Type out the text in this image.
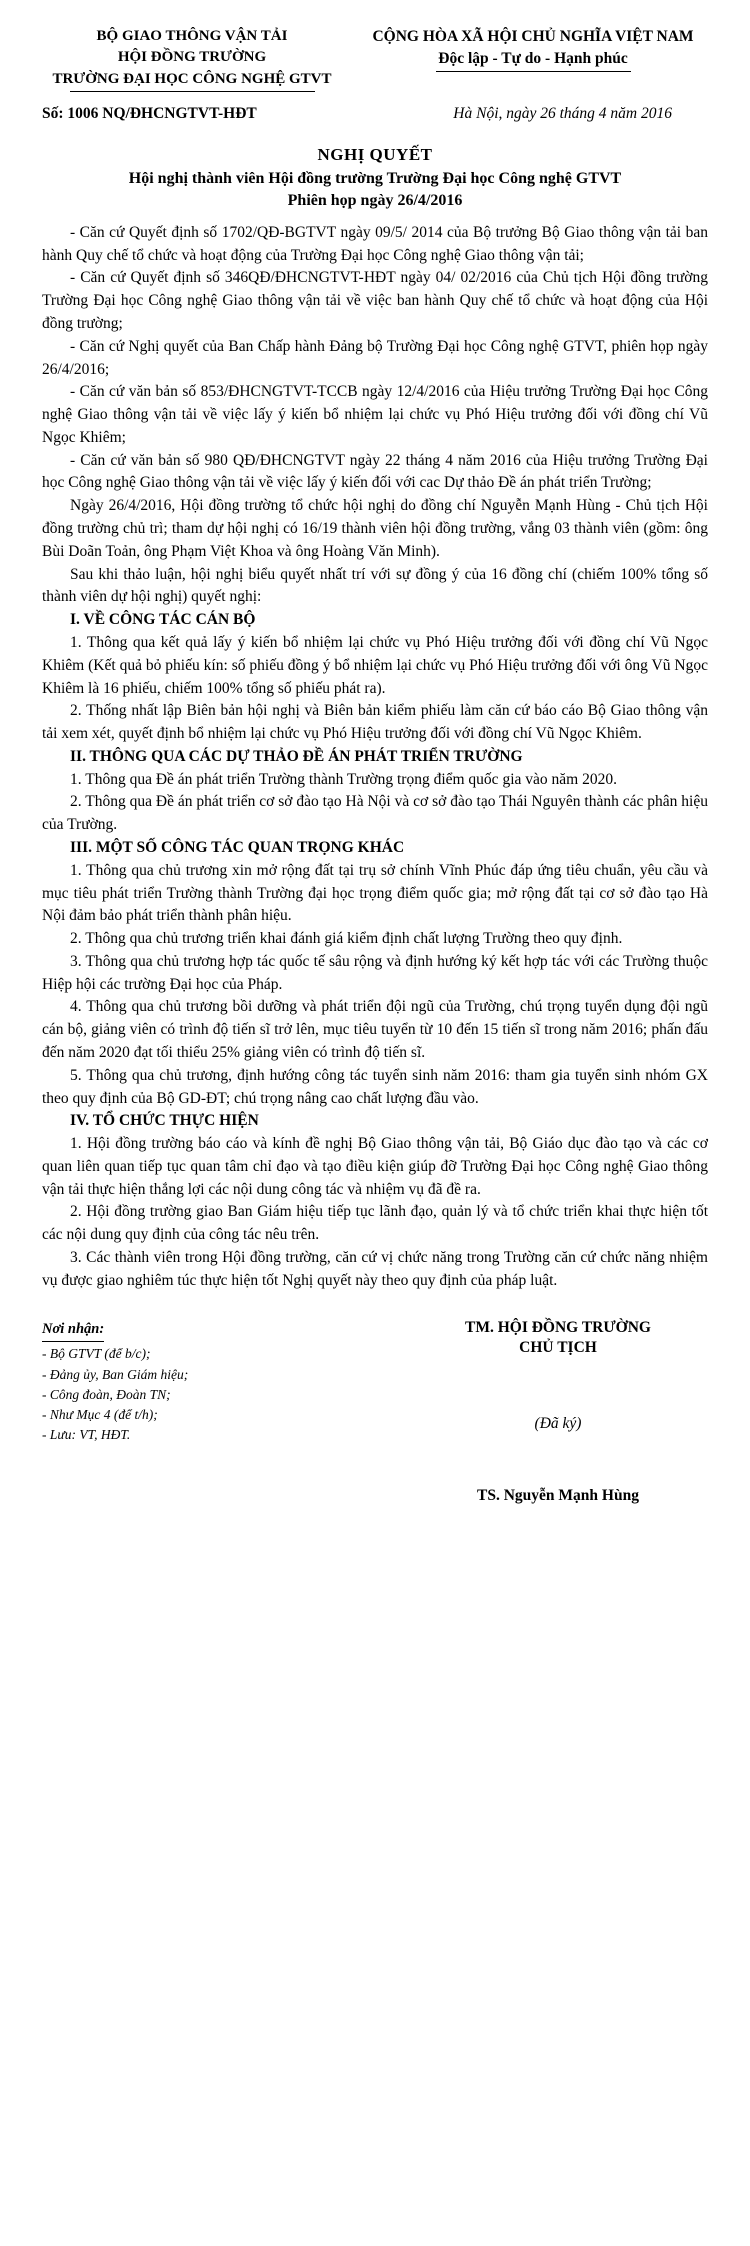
BỘ GIAO THÔNG VẬN TẢI
HỘI ĐỒNG TRƯỜNG
TRƯỜNG ĐẠI HỌC CÔNG NGHỆ GTVT
CỘNG HÒA XÃ HỘI CHỦ NGHĨA VIỆT NAM
Độc lập - Tự do - Hạnh phúc
Số: 1006 NQ/ĐHCNGTVT-HĐT	Hà Nội, ngày 26 tháng 4 năm 2016
NGHỊ QUYẾT
Hội nghị thành viên Hội đồng trường Trường Đại học Công nghệ GTVT
Phiên họp ngày 26/4/2016

- Căn cứ Quyết định số 1702/QĐ-BGTVT ngày 09/5/ 2014 của Bộ trưởng Bộ Giao thông vận tải ban hành Quy chế tổ chức và hoạt động của Trường Đại học Công nghệ Giao thông vận tải;

- Căn cứ Quyết định số 346QĐ/ĐHCNGTVT-HĐT ngày 04/ 02/2016 của Chủ tịch Hội đồng trường Trường Đại học Công nghệ Giao thông vận tải về việc ban hành Quy chế tổ chức và hoạt động của Hội đồng trường;

- Căn cứ Nghị quyết của Ban Chấp hành Đảng bộ Trường Đại học Công nghệ GTVT, phiên họp ngày 26/4/2016;

- Căn cứ văn bản số 853/ĐHCNGTVT-TCCB ngày 12/4/2016 của Hiệu trưởng Trường Đại học Công nghệ Giao thông vận tải về việc lấy ý kiến bổ nhiệm lại chức vụ Phó Hiệu trưởng đối với đồng chí Vũ Ngọc Khiêm;

- Căn cứ văn bản số 980 QĐ/ĐHCNGTVT ngày 22 tháng 4 năm 2016 của Hiệu trưởng Trường Đại học Công nghệ Giao thông vận tải về việc lấy ý kiến đối với cac Dự thảo Đề án phát triển Trường;

Ngày 26/4/2016, Hội đồng trường tổ chức hội nghị do đồng chí Nguyễn Mạnh Hùng - Chủ tịch Hội đồng trường chủ trì; tham dự hội nghị có 16/19 thành viên hội đồng trường, vắng 03 thành viên (gồm: ông Bùi Doãn Toản, ông Phạm Việt Khoa và ông Hoàng Văn Minh).

Sau khi thảo luận, hội nghị biểu quyết nhất trí với sự đồng ý của 16 đồng chí (chiếm 100% tổng số thành viên dự hội nghị) quyết nghị:

I. VỀ CÔNG TÁC CÁN BỘ

1. Thông qua kết quả lấy ý kiến bổ nhiệm lại chức vụ Phó Hiệu trưởng đối với đồng chí Vũ Ngọc Khiêm (Kết quả bỏ phiếu kín: số phiếu đồng ý bổ nhiệm lại chức vụ Phó Hiệu trưởng đối với ông Vũ Ngọc Khiêm là 16 phiếu, chiếm 100% tổng số phiếu phát ra).

2. Thống nhất lập Biên bản hội nghị và Biên bản kiểm phiếu làm căn cứ báo cáo Bộ Giao thông vận tải xem xét, quyết định bổ nhiệm lại chức vụ Phó Hiệu trưởng đối với đồng chí Vũ Ngọc Khiêm.

II. THÔNG QUA CÁC DỰ THẢO ĐỀ ÁN PHÁT TRIỂN TRƯỜNG

1. Thông qua Đề án phát triển Trường thành Trường trọng điểm quốc gia vào năm 2020.

2. Thông qua Đề án phát triển cơ sở đào tạo Hà Nội và cơ sở đào tạo Thái Nguyên thành các phân hiệu của Trường.

III. MỘT SỐ CÔNG TÁC QUAN TRỌNG KHÁC

1. Thông qua chủ trương xin mở rộng đất tại trụ sở chính Vĩnh Phúc đáp ứng tiêu chuẩn, yêu cầu và mục tiêu phát triển Trường thành Trường đại học trọng điểm quốc gia; mở rộng đất tại cơ sở đào tạo Hà Nội đảm bảo phát triển thành phân hiệu.

2. Thông qua chủ trương triển khai đánh giá kiểm định chất lượng Trường theo quy định.

3. Thông qua chủ trương hợp tác quốc tế sâu rộng và định hướng ký kết hợp tác với các Trường thuộc Hiệp hội các trường Đại học của Pháp.

4. Thông qua chủ trương bồi dưỡng và phát triển đội ngũ của Trường, chú trọng tuyển dụng đội ngũ cán bộ, giảng viên có trình độ tiến sĩ trở lên, mục tiêu tuyển từ 10 đến 15 tiến sĩ trong năm 2016; phấn đấu đến năm 2020 đạt tối thiểu 25% giảng viên có trình độ tiến sĩ.

5. Thông qua chủ trương, định hướng công tác tuyển sinh năm 2016: tham gia tuyển sinh nhóm GX theo quy định của Bộ GD-ĐT; chú trọng nâng cao chất lượng đầu vào.

IV. TỔ CHỨC THỰC HIỆN

1. Hội đồng trường báo cáo và kính đề nghị Bộ Giao thông vận tải, Bộ Giáo dục đào tạo và các cơ quan liên quan tiếp tục quan tâm chỉ đạo và tạo điều kiện giúp đỡ Trường Đại học Công nghệ Giao thông vận tải thực hiện thắng lợi các nội dung công tác và nhiệm vụ đã đề ra.

2. Hội đồng trường giao Ban Giám hiệu tiếp tục lãnh đạo, quản lý và tổ chức triển khai thực hiện tốt các nội dung quy định của công tác nêu trên.

3. Các thành viên trong Hội đồng trường, căn cứ vị chức năng trong Trường căn cứ chức năng nhiệm vụ được giao nghiêm túc thực hiện tốt Nghị quyết này theo quy định của pháp luật.

Nơi nhận:
- Bộ GTVT (để b/c);
- Đảng ủy, Ban Giám hiệu;
- Công đoàn, Đoàn TN;
- Như Mục 4 (để t/h);
- Lưu: VT, HĐT.
TM. HỘI ĐỒNG TRƯỜNG
CHỦ TỊCH
(Đã ký)
TS. Nguyễn Mạnh Hùng
